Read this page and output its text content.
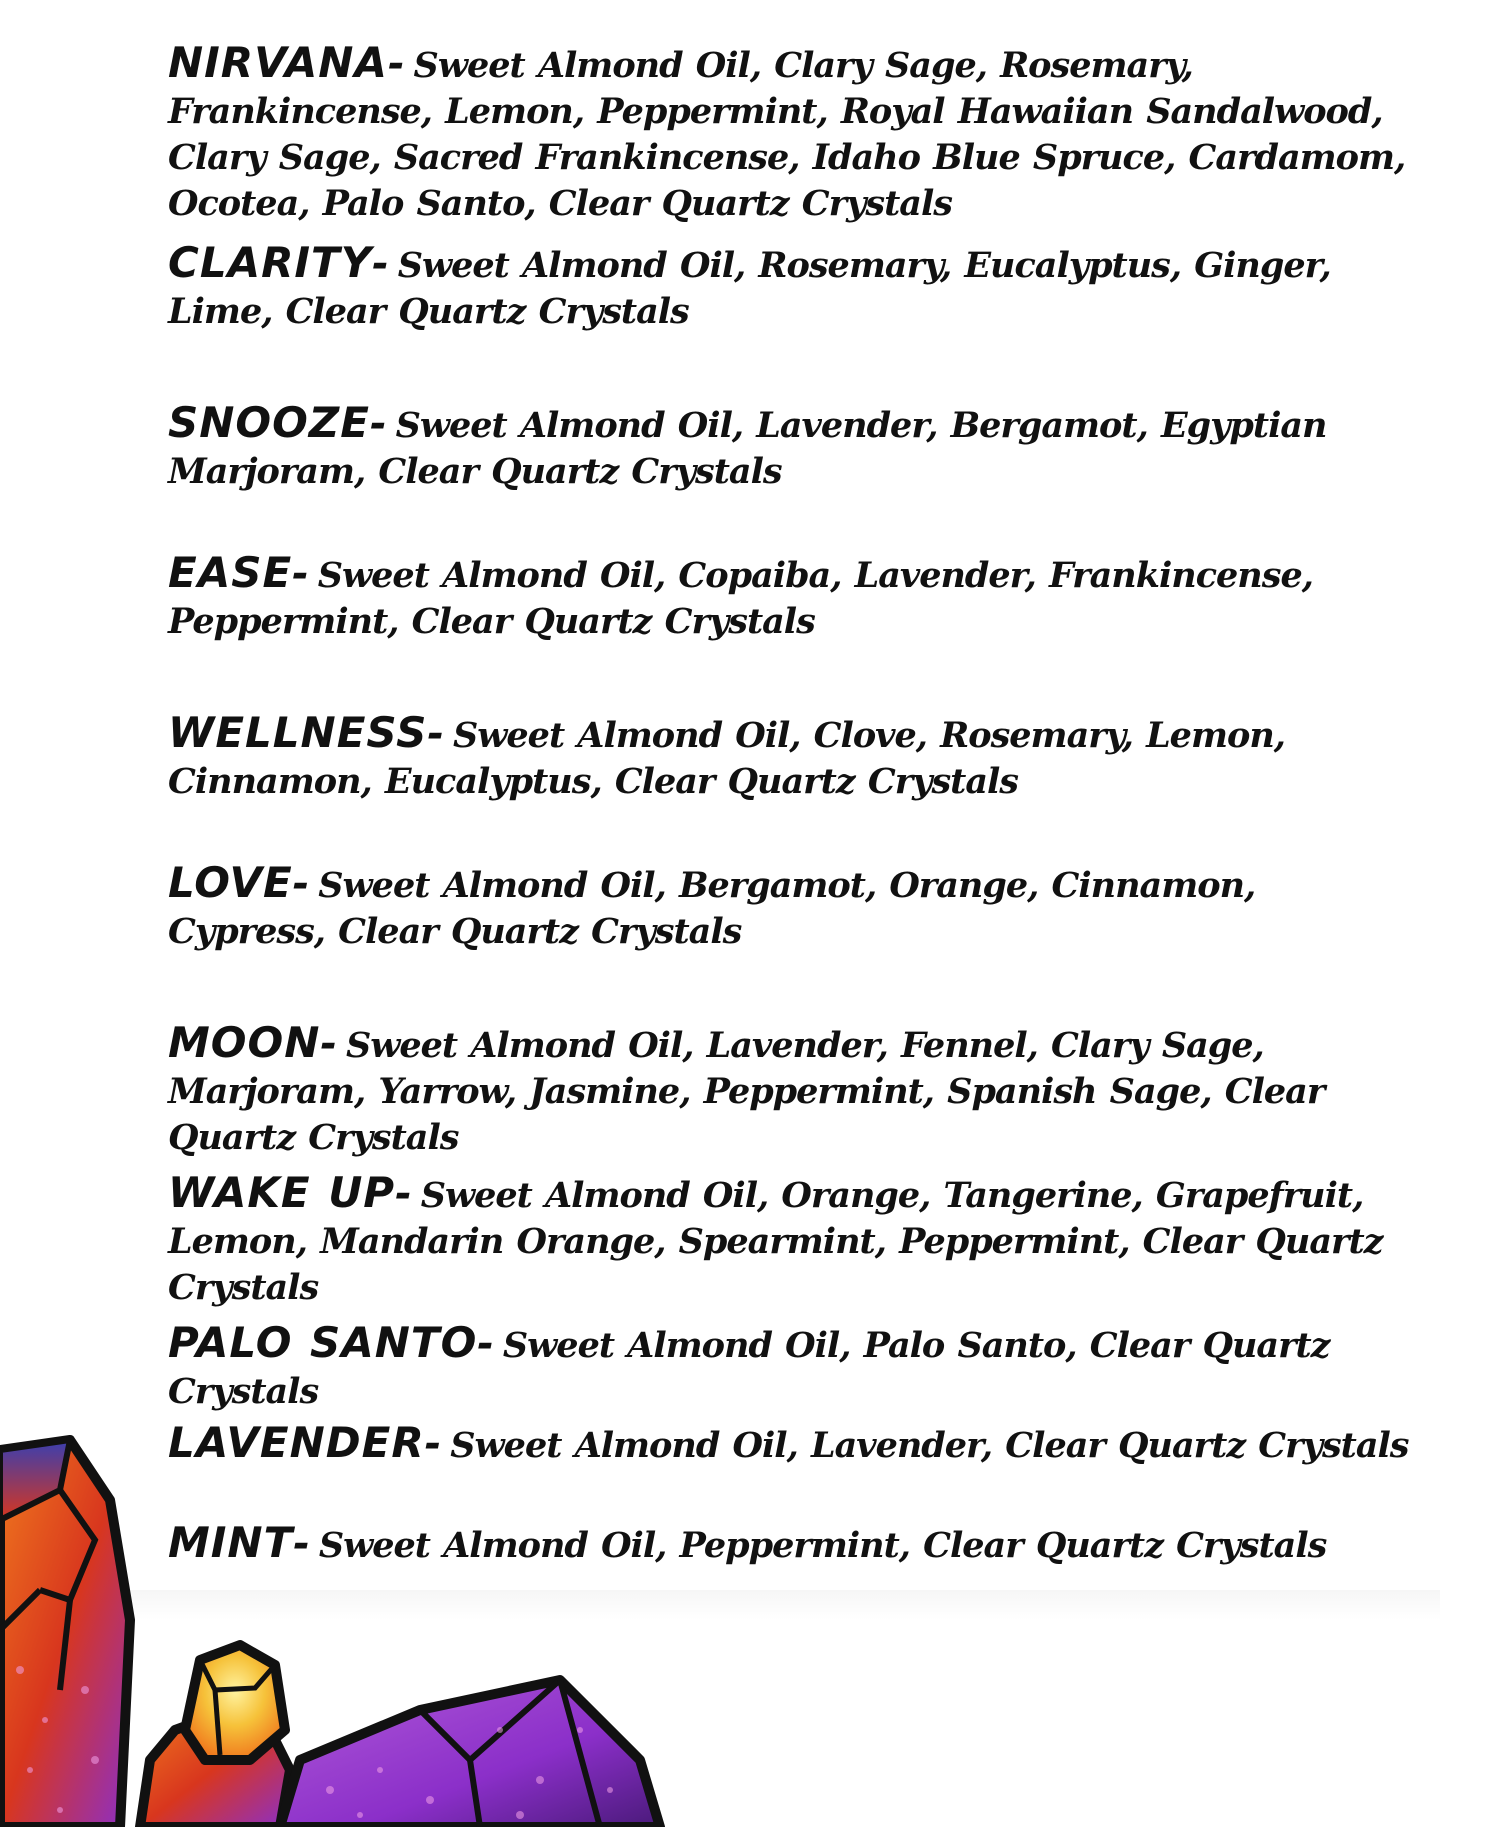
NIRVANA- Sweet Almond Oil, Clary Sage, Rosemary, Frankincense, Lemon, Peppermint, Royal Hawaiian Sandalwood, Clary Sage, Sacred Frankincense, Idaho Blue Spruce, Cardamom, Ocotea, Palo Santo, Clear Quartz Crystals
CLARITY- Sweet Almond Oil, Rosemary, Eucalyptus, Ginger, Lime, Clear Quartz Crystals
SNOOZE- Sweet Almond Oil, Lavender, Bergamot, Egyptian Marjoram, Clear Quartz Crystals
EASE- Sweet Almond Oil, Copaiba, Lavender, Frankincense, Peppermint, Clear Quartz Crystals
WELLNESS- Sweet Almond Oil, Clove, Rosemary, Lemon, Cinnamon, Eucalyptus, Clear Quartz Crystals
LOVE- Sweet Almond Oil, Bergamot, Orange, Cinnamon, Cypress, Clear Quartz Crystals
MOON- Sweet Almond Oil, Lavender, Fennel, Clary Sage, Marjoram, Yarrow, Jasmine, Peppermint, Spanish Sage, Clear Quartz Crystals
WAKE UP- Sweet Almond Oil, Orange, Tangerine, Grapefruit, Lemon, Mandarin Orange, Spearmint, Peppermint, Clear Quartz Crystals
PALO SANTO- Sweet Almond Oil, Palo Santo, Clear Quartz Crystals
LAVENDER- Sweet Almond Oil, Lavender, Clear Quartz Crystals
MINT- Sweet Almond Oil, Peppermint, Clear Quartz Crystals
